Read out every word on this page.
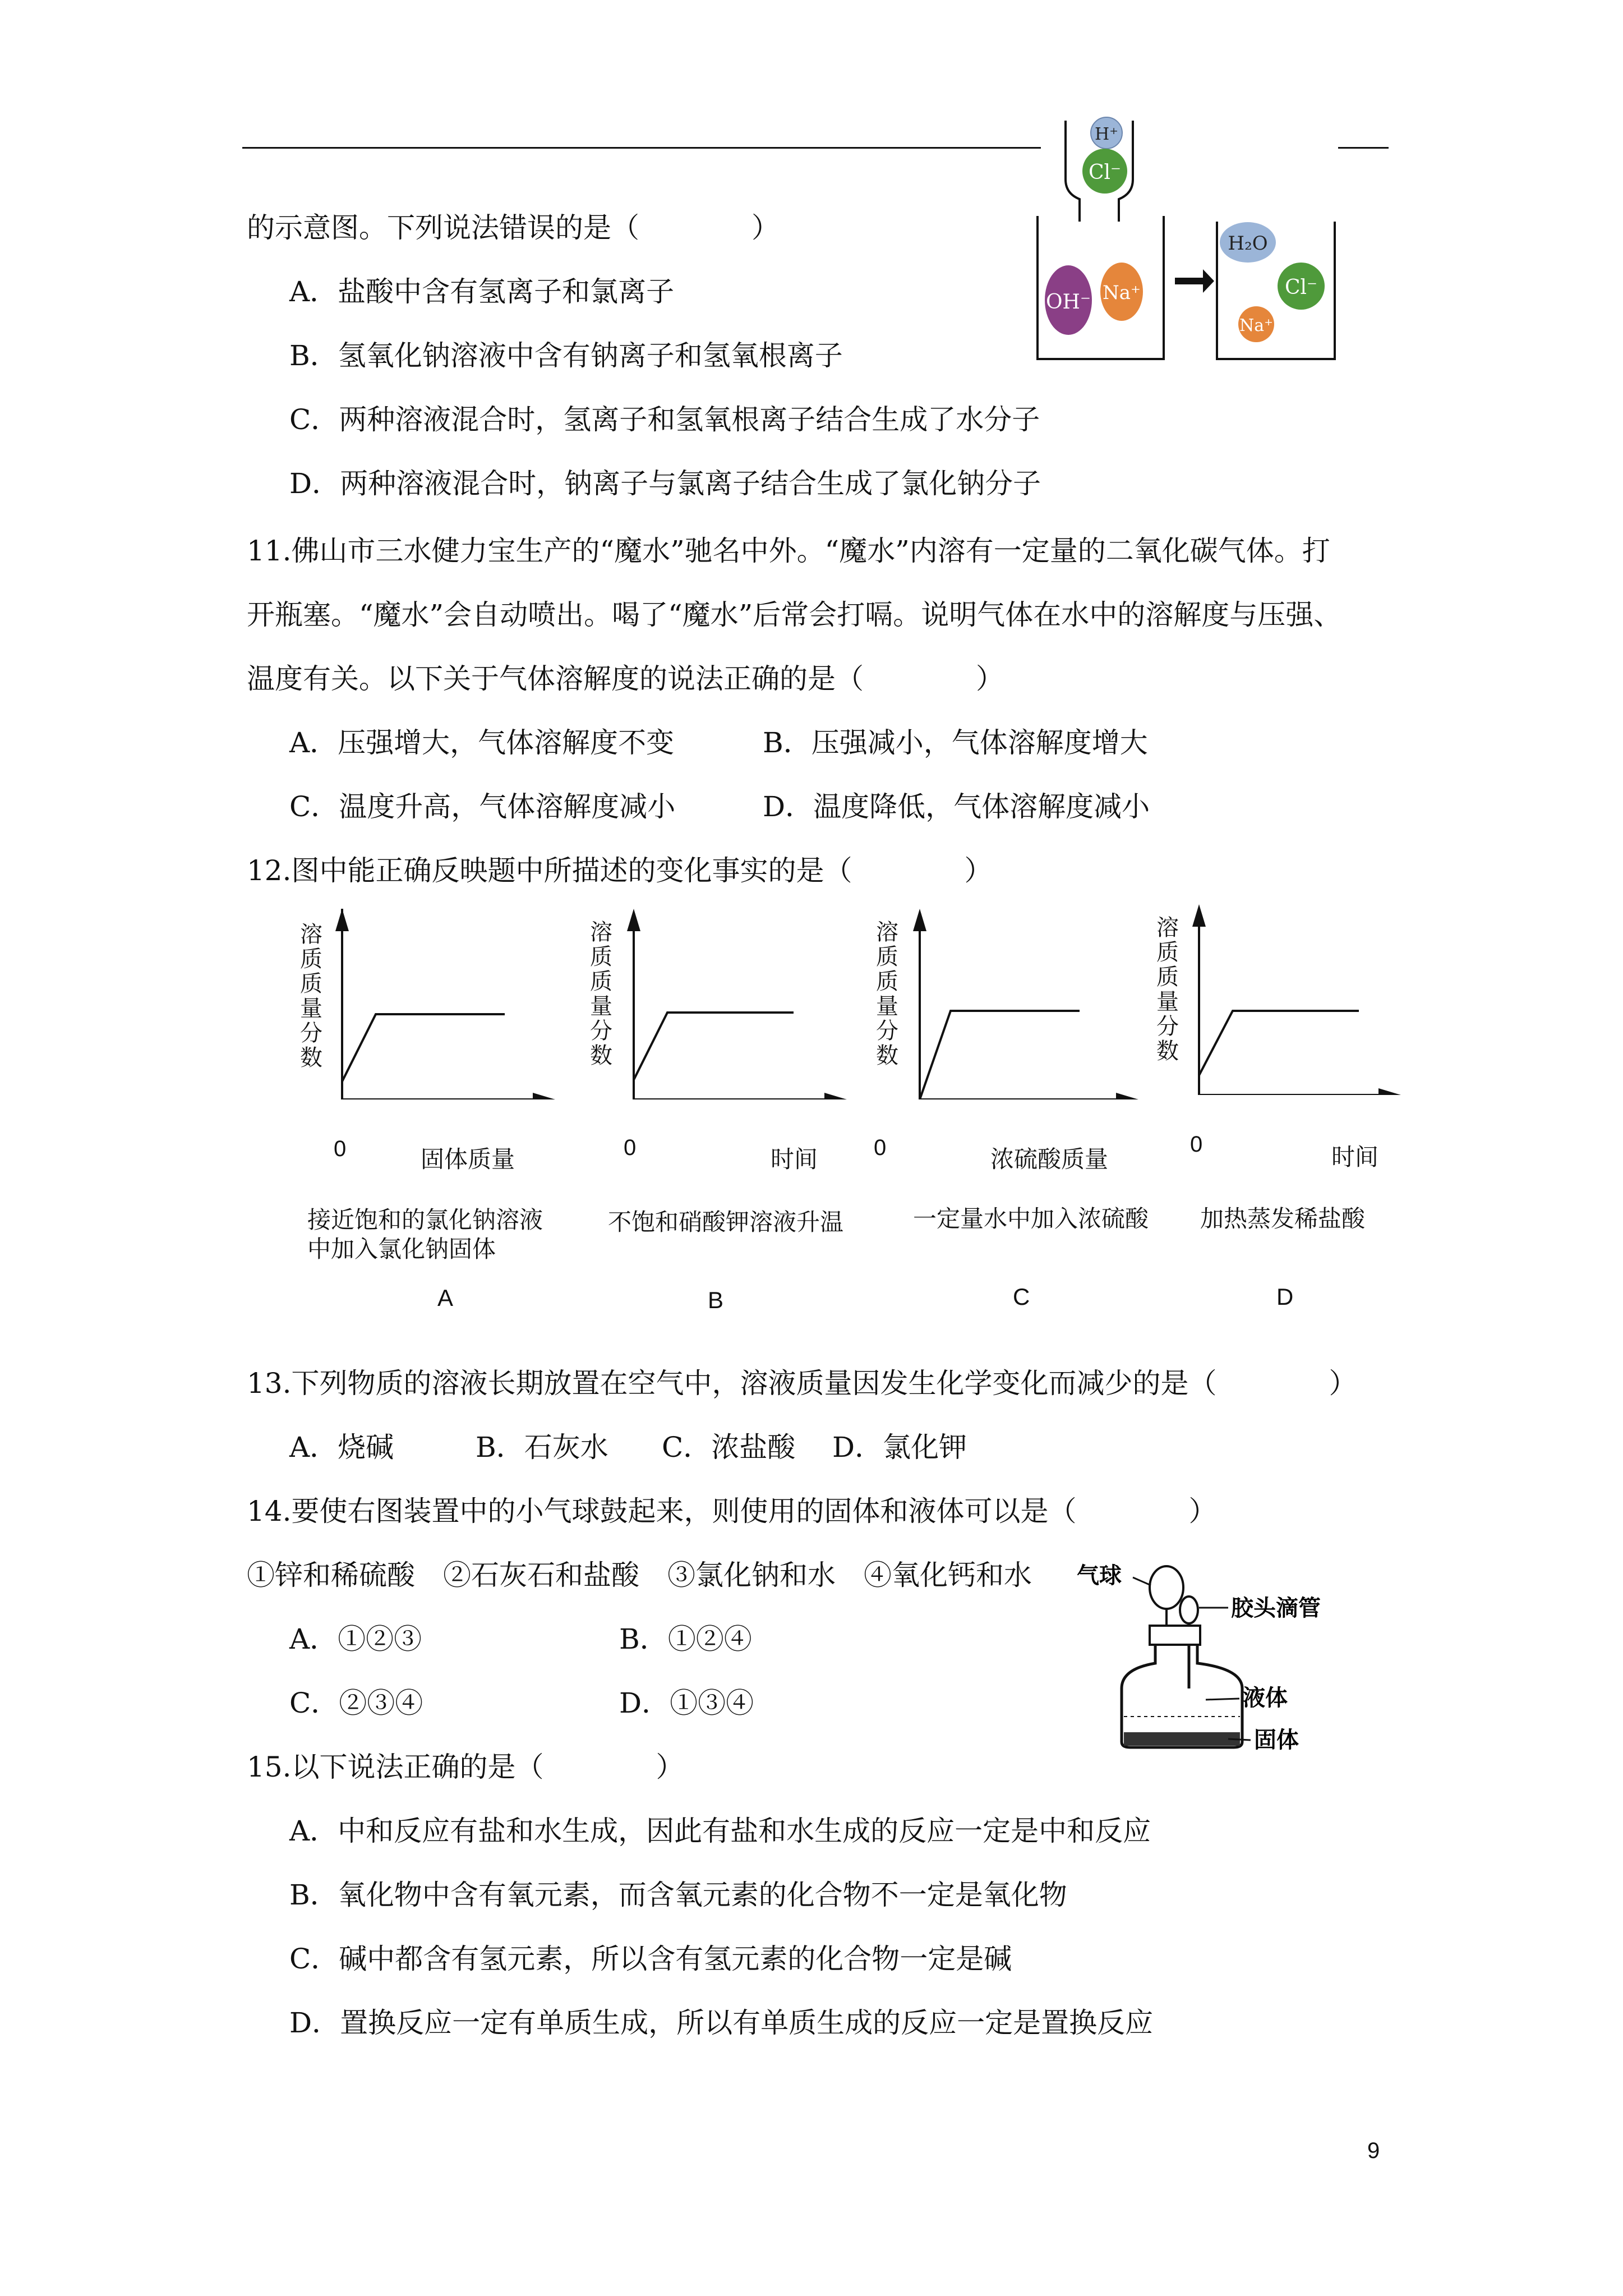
的示意图。下列说法错误的是（　　　　）
A．盐酸中含有氢离子和氯离子
B．氢氧化钠溶液中含有钠离子和氢氧根离子
C．两种溶液混合时，氢离子和氢氧根离子结合生成了水分子
D．两种溶液混合时，钠离子与氯离子结合生成了氯化钠分子
H⁺
Cl⁻
OH⁻ Na⁺
H₂O
Cl⁻
Na⁺
11.佛山市三水健力宝生产的“魔水”驰名中外。“魔水”内溶有一定量的二氧化碳气体。打
开瓶塞。“魔水”会自动喷出。喝了“魔水”后常会打嗝。说明气体在水中的溶解度与压强、
温度有关。以下关于气体溶解度的说法正确的是（　　　　）
A．压强增大，气体溶解度不变	B．压强减小，气体溶解度增大
C．温度升高，气体溶解度减小	D．温度降低，气体溶解度减小
12.图中能正确反映题中所描述的变化事实的是（　　　　）
溶质质量分数
0	固体质量
接近饱和的氯化钠溶液
中加入氯化钠固体
A
溶质质量分数
0	时间
不饱和硝酸钾溶液升温
B
溶质质量分数
0	浓硫酸质量
一定量水中加入浓硫酸
C
溶质质量分数
0	时间
加热蒸发稀盐酸
D
13.下列物质的溶液长期放置在空气中，溶液质量因发生化学变化而减少的是（　　　　）
A．烧碱	B．石灰水 C．浓盐酸 D．氯化钾
14.要使右图装置中的小气球鼓起来，则使用的固体和液体可以是（　　　　）
①锌和稀硫酸　②石灰石和盐酸　③氯化钠和水　④氧化钙和水
A．①②③	B．①②④
C．②③④	D．①③④
气球
胶头滴管
液体
固体
15.以下说法正确的是（　　　　）
A．中和反应有盐和水生成，因此有盐和水生成的反应一定是中和反应
B．氧化物中含有氧元素，而含氧元素的化合物不一定是氧化物
C．碱中都含有氢元素，所以含有氢元素的化合物一定是碱
D．置换反应一定有单质生成，所以有单质生成的反应一定是置换反应
9
